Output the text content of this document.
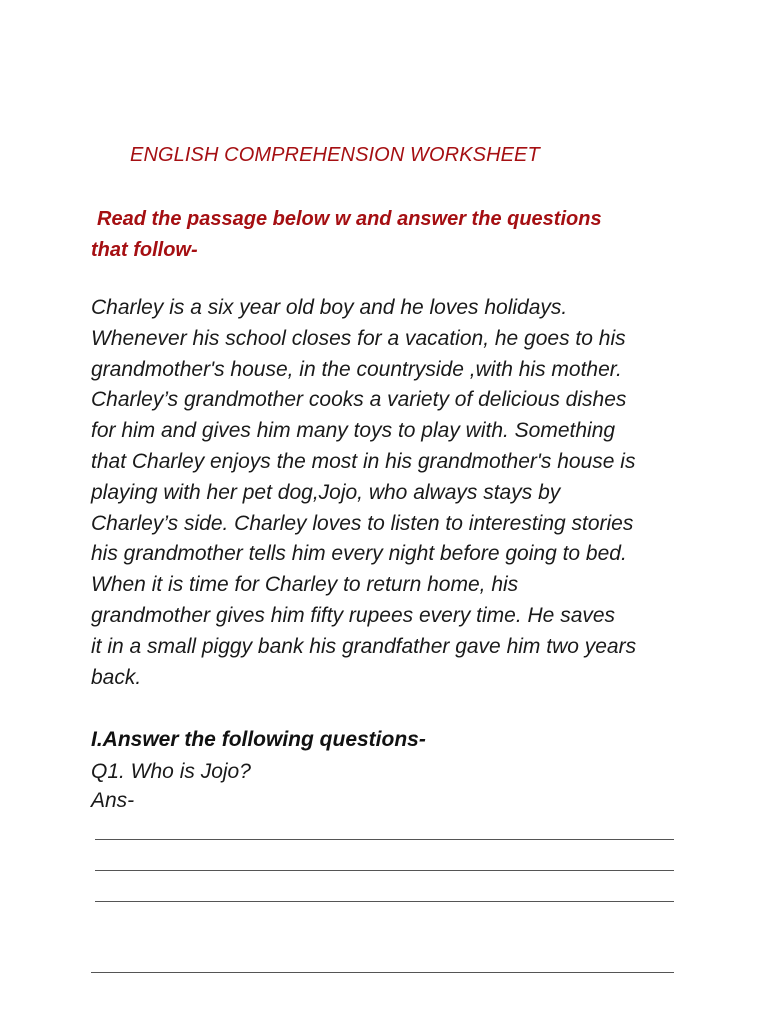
ENGLISH COMPREHENSION WORKSHEET
Read the passage below w and answer the questions
that follow-
Charley is a six year old boy and he loves holidays.
Whenever his school closes for a vacation, he goes to his
grandmother's house, in the countryside ,with his mother.
Charley’s grandmother cooks a variety of delicious dishes
for him and gives him many toys to play with. Something
that Charley enjoys the most in his grandmother's house is
playing with her pet dog,Jojo, who always stays by
Charley’s side. Charley loves to listen to interesting stories
his grandmother tells him every night before going to bed.
When it is time for Charley to return home, his
grandmother gives him fifty rupees every time. He saves
it in a small piggy bank his grandfather gave him two years
back.
I.Answer the following questions-
Q1. Who is Jojo?
Ans-
